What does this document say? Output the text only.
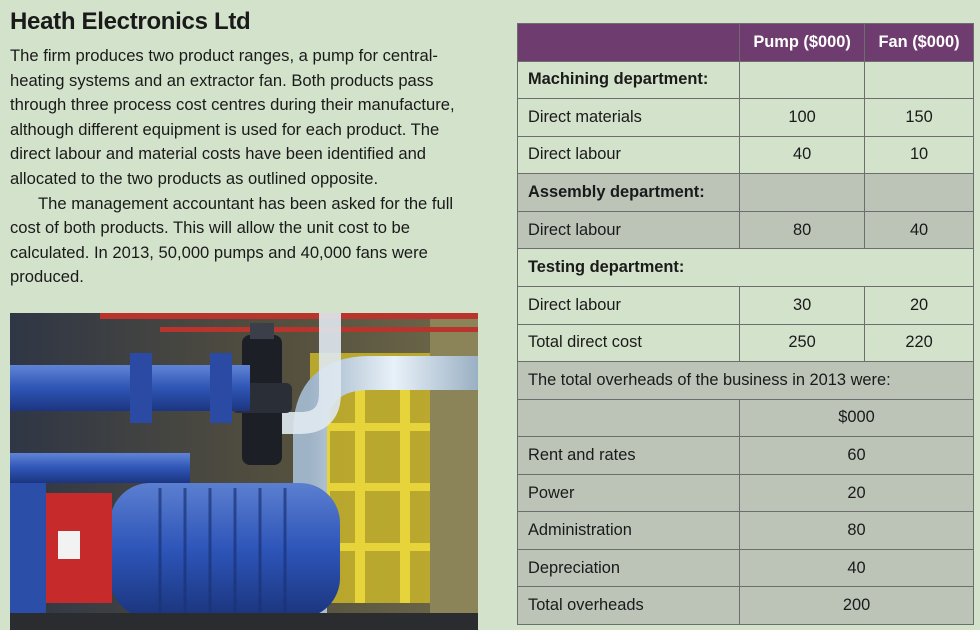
Heath Electronics Ltd

The firm produces two product ranges, a pump for central-heating systems and an extractor fan. Both products pass through three process cost centres during their manufacture, although different equipment is used for each product. The direct labour and material costs have been identified and allocated to the two products as outlined opposite.

The management accountant has been asked for the full cost of both products. This will allow the unit cost to be calculated. In 2013, 50,000 pumps and 40,000 fans were produced.

	Pump ($000)	Fan ($000)
Machining department:		
Direct materials	100	150
Direct labour	40	10
Assembly department:		
Direct labour	80	40
Testing department:		
Direct labour	30	20
Total direct cost	250	220
The total overheads of the business in 2013 were:		
	$000	
Rent and rates	60	
Power	20	
Administration	80	
Depreciation	40	
Total overheads	200	
